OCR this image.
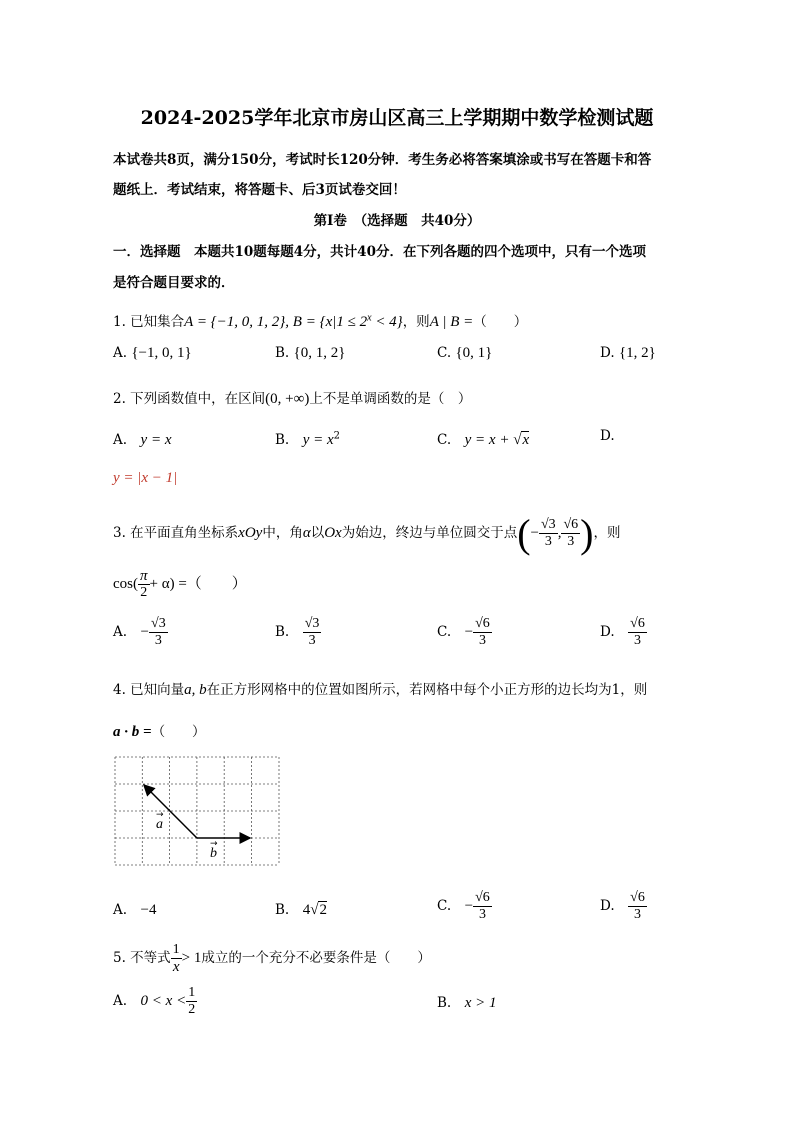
2024-2025学年北京市房山区高三上学期期中数学检测试题
本试卷共8页，满分150分，考试时长120分钟．考生务必将答案填涂或书写在答题卡和答
题纸上．考试结束，将答题卡、后3页试卷交回！
第Ⅰ卷　（选择题　共40分）
一．选择题　本题共10题每题4分，共计40分．在下列各题的四个选项中，只有一个选项
是符合题目要求的．
1. 已知集合A = {−1, 0, 1, 2}, $B = \{x|1 \le 2^x < 4\}$，则A | B =（　　）
A. {−1, 0, 1}	B. {0, 1, 2}	C. {0, 1}	D. {1, 2}
2. 下列函数值中，在区间(0, +∞)上不是单调函数的是（　）
A.　 y = x	B.　 $y = x^2$	C.　 y = x + √x	D.
y = |x − 1|
3. 在平面直角坐标系xOy中，角α以Ox为始边，终边与单位圆交于点(− $\frac{√3}{3}$ , $\frac{√6}{3}$ )，则
$\cos( \frac{\pi}{2} + \alpha)$ =（　　）
A.　 − $\frac{√3}{3}$	B.　 $\frac{√3}{3}$	C.　 − $\frac{√6}{3}$	D.　 $\frac{√6}{3}$
4. 已知向量a, b在正方形网格中的位置如图所示，若网格中每个小正方形的边长均为1，则
a · b =（　　）
a
b
→
→
A.　 −4	B.　 4√2	C.　 − $\frac{√6}{3}$	D.　 $\frac{√6}{3}$
5. 不等式 $\frac{1}{x} > 1$成立的一个充分不必要条件是（　　）
A.　 $0 < x < \frac{1}{2}$	B.　 x > 1
